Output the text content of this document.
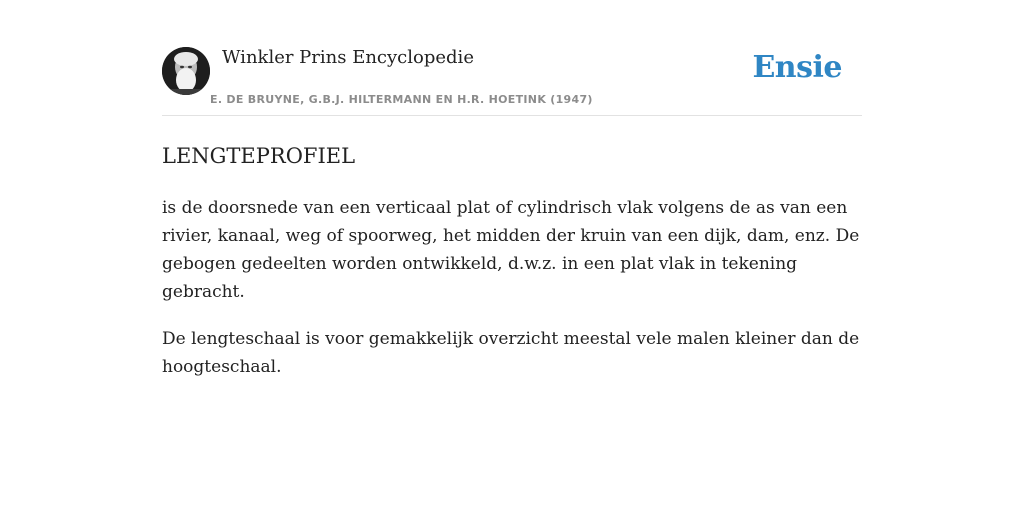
Winkler Prins Encyclopedie
E. DE BRUYNE, G.B.J. HILTERMANN EN H.R. HOETINK (1947)
Ensie
LENGTEPROFIEL

is de doorsnede van een verticaal plat of cylindrisch vlak volgens de as van een rivier, kanaal, weg of spoorweg, het midden der kruin van een dijk, dam, enz. De gebogen gedeelten worden ontwikkeld, d.w.z. in een plat vlak in tekening gebracht.

De lengteschaal is voor gemakkelijk overzicht meestal vele malen kleiner dan de hoogteschaal.
